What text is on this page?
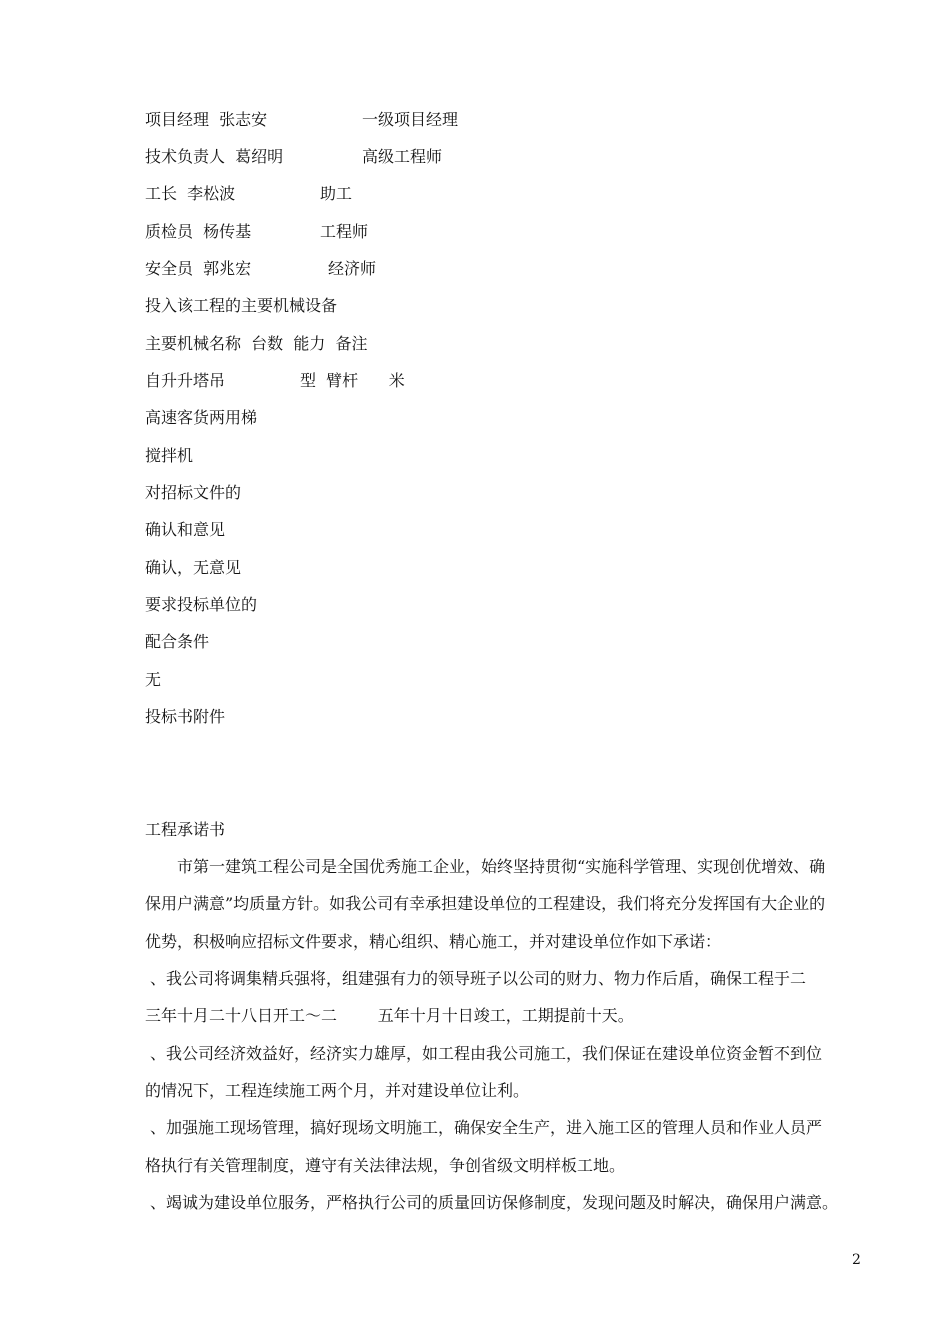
项目经理  张志安	一级项目经理
技术负责人  葛绍明	高级工程师
工长  李松波	助工
质检员  杨传基	工程师
安全员  郭兆宏	经济师
投入该工程的主要机械设备
主要机械名称  台数  能力  备注
自升升塔吊	型  臂杆      米
高速客货两用梯
搅拌机
对招标文件的
确认和意见
确认，无意见
要求投标单位的
配合条件
无
投标书附件
工程承诺书
市第一建筑工程公司是全国优秀施工企业，始终坚持贯彻“实施科学管理、实现创优增效、确
保用户满意”均质量方针。如我公司有幸承担建设单位的工程建设，我们将充分发挥国有大企业的
优势，积极响应招标文件要求，精心组织、精心施工，并对建设单位作如下承诺：
、我公司将调集精兵强将，组建强有力的领导班子以公司的财力、物力作后盾，确保工程于二
三年十月二十八日开工～二        五年十月十日竣工，工期提前十天。
、我公司经济效益好，经济实力雄厚，如工程由我公司施工，我们保证在建设单位资金暂不到位
的情况下，工程连续施工两个月，并对建设单位让利。
、加强施工现场管理，搞好现场文明施工，确保安全生产，进入施工区的管理人员和作业人员严
格执行有关管理制度，遵守有关法律法规，争创省级文明样板工地。
、竭诚为建设单位服务，严格执行公司的质量回访保修制度，发现问题及时解决，确保用户满意。
2
